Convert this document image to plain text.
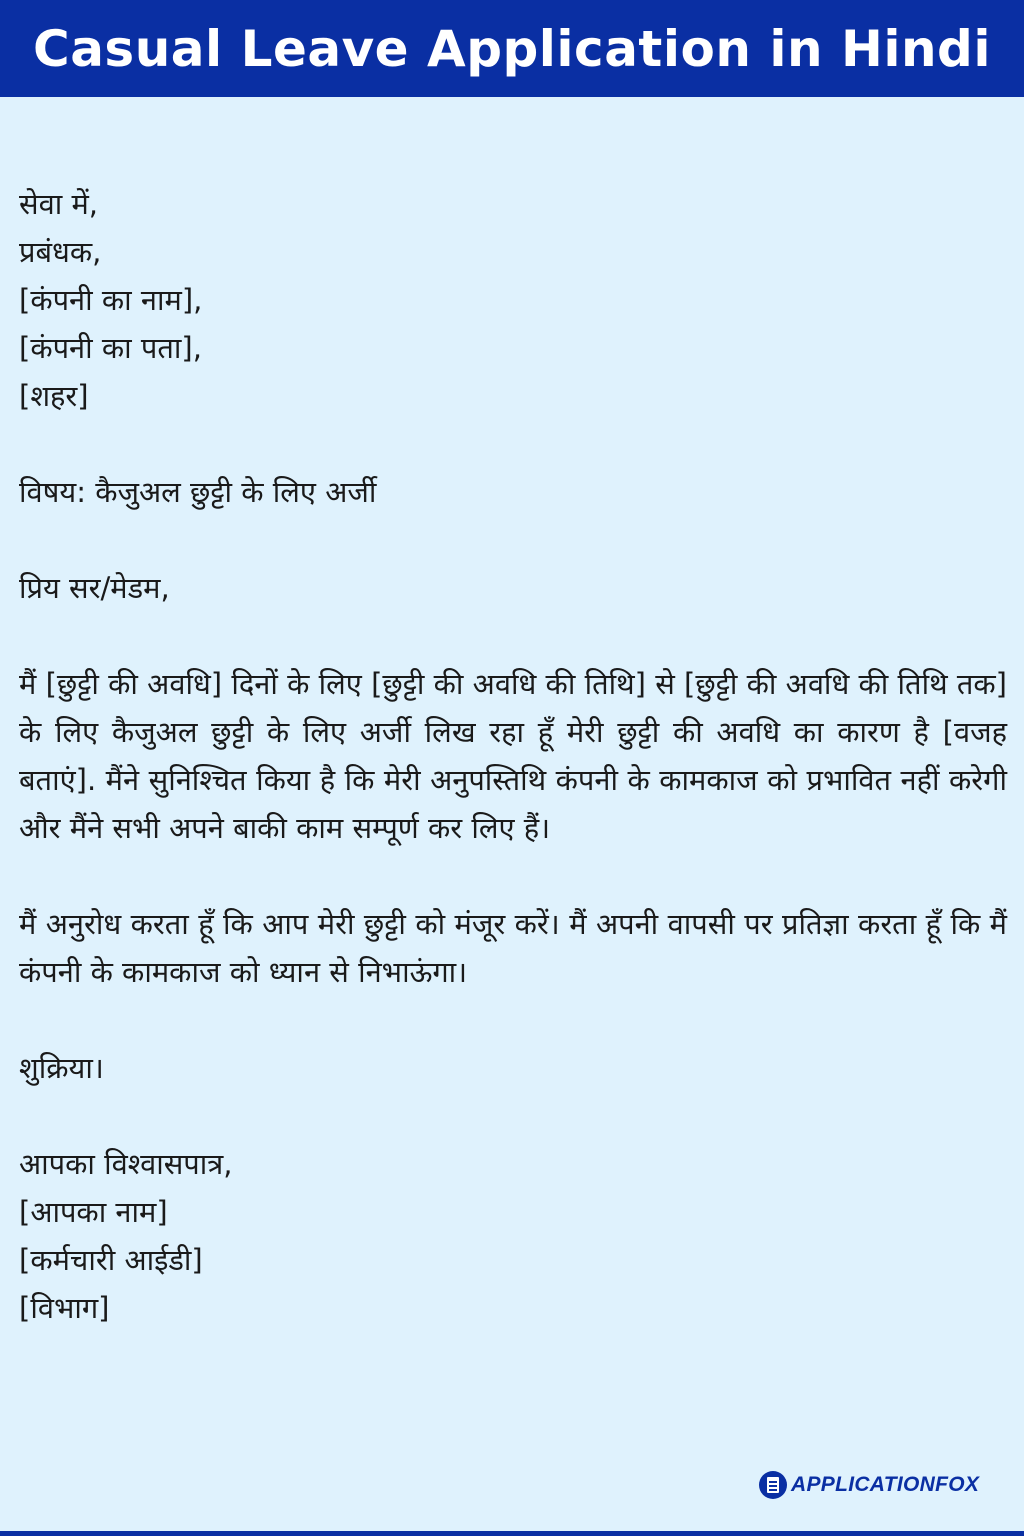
Casual Leave Application in Hindi
सेवा में,
प्रबंधक,
[कंपनी का नाम],
[कंपनी का पता],
[शहर]
विषय: कैजुअल छुट्टी के लिए अर्जी
प्रिय सर/मेडम,
मैं [छुट्टी की अवधि] दिनों के लिए [छुट्टी की अवधि की तिथि] से [छुट्टी की अवधि की तिथि तक] के लिए कैजुअल छुट्टी के लिए अर्जी लिख रहा हूँ मेरी छुट्टी की अवधि का कारण है [वजह बताएं]. मैंने सुनिश्चित किया है कि मेरी अनुपस्तिथि कंपनी के कामकाज को प्रभावित नहीं करेगी और मैंने सभी अपने बाकी काम सम्पूर्ण कर लिए हैं।
मैं अनुरोध करता हूँ कि आप मेरी छुट्टी को मंजूर करें। मैं अपनी वापसी पर प्रतिज्ञा करता हूँ कि मैं कंपनी के कामकाज को ध्यान से निभाऊंगा।
शुक्रिया।
आपका विश्वासपात्र,
[आपका नाम]
[कर्मचारी आईडी]
[विभाग]
APPLICATIONFOX
